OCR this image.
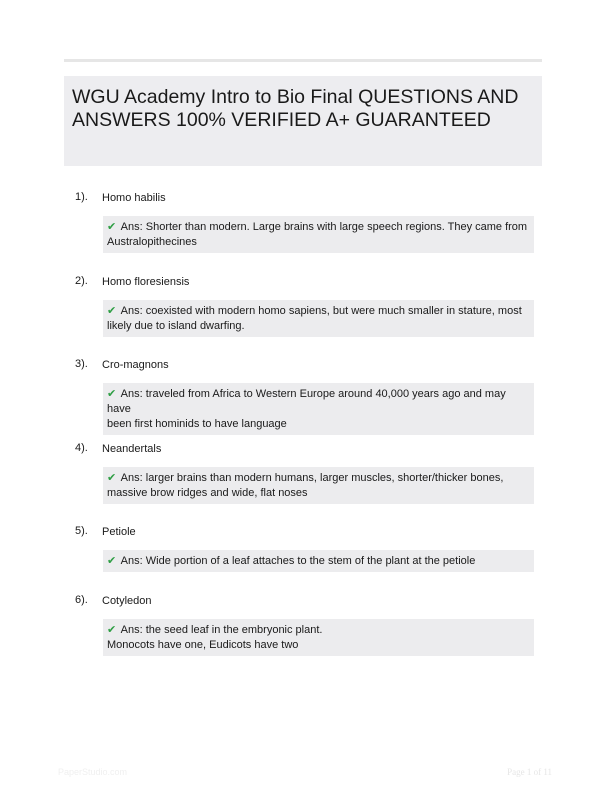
WGU Academy Intro to Bio Final QUESTIONS AND ANSWERS 100% VERIFIED A+ GUARANTEED
1). Homo habilis
✔ Ans: Shorter than modern. Large brains with large speech regions. They came from
Australopithecines
2). Homo floresiensis
✔ Ans: coexisted with modern homo sapiens, but were much smaller in stature, most
likely due to island dwarfing.
3). Cro-magnons
✔ Ans: traveled from Africa to Western Europe around 40,000 years ago and may have
been first hominids to have language
4). Neandertals
✔ Ans: larger brains than modern humans, larger muscles, shorter/thicker bones,
massive brow ridges and wide, flat noses
5). Petiole
✔ Ans: Wide portion of a leaf attaches to the stem of the plant at the petiole
6). Cotyledon
✔ Ans: the seed leaf in the embryonic plant.
Monocots have one, Eudicots have two
PaperStudio.com	Page 1 of 11
